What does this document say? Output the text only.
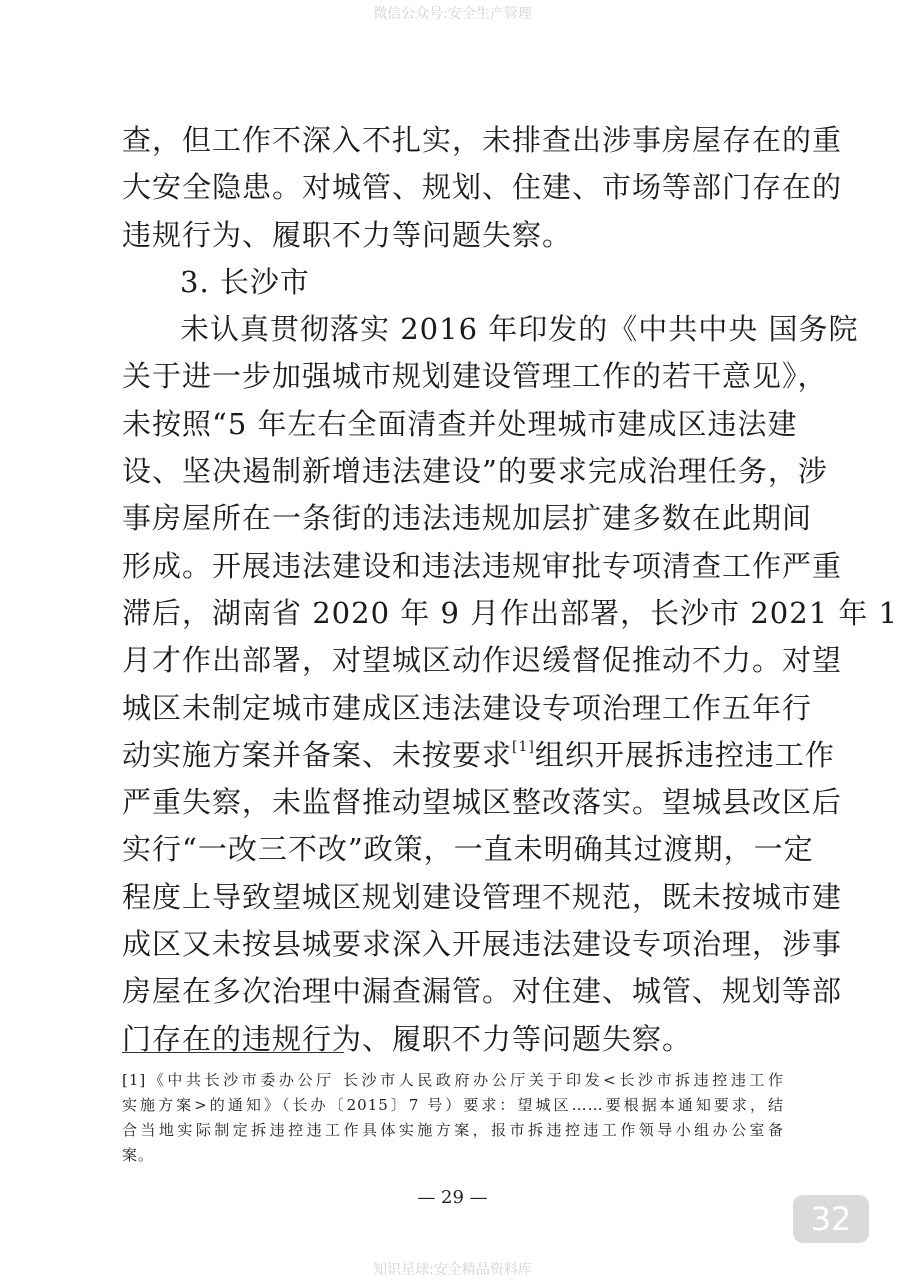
微信公众号:安全生产管理
查，但工作不深入不扎实，未排查出涉事房屋存在的重
大安全隐患。对城管、规划、住建、市场等部门存在的
违规行为、履职不力等问题失察。
3. 长沙市
未认真贯彻落实 2016 年印发的《中共中央 国务院
关于进一步加强城市规划建设管理工作的若干意见》，
未按照“5 年左右全面清查并处理城市建成区违法建
设、坚决遏制新增违法建设”的要求完成治理任务，涉
事房屋所在一条街的违法违规加层扩建多数在此期间
形成。开展违法建设和违法违规审批专项清查工作严重
滞后，湖南省 2020 年 9 月作出部署，长沙市 2021 年 1
月才作出部署，对望城区动作迟缓督促推动不力。对望
城区未制定城市建成区违法建设专项治理工作五年行
动实施方案并备案、未按要求[1]组织开展拆违控违工作
严重失察，未监督推动望城区整改落实。望城县改区后
实行“一改三不改”政策，一直未明确其过渡期，一定
程度上导致望城区规划建设管理不规范，既未按城市建
成区又未按县城要求深入开展违法建设专项治理，涉事
房屋在多次治理中漏查漏管。对住建、城管、规划等部
门存在的违规行为、履职不力等问题失察。
[1]《中共长沙市委办公厅 长沙市人民政府办公厅关于印发<长沙市拆违控违工作
实施方案>的通知》（长办〔2015〕7 号）要求：望城区……要根据本通知要求，结
合当地实际制定拆违控违工作具体实施方案，报市拆违控违工作领导小组办公室备
案。
— 29 —
32
知识星球:安全精品资料库
